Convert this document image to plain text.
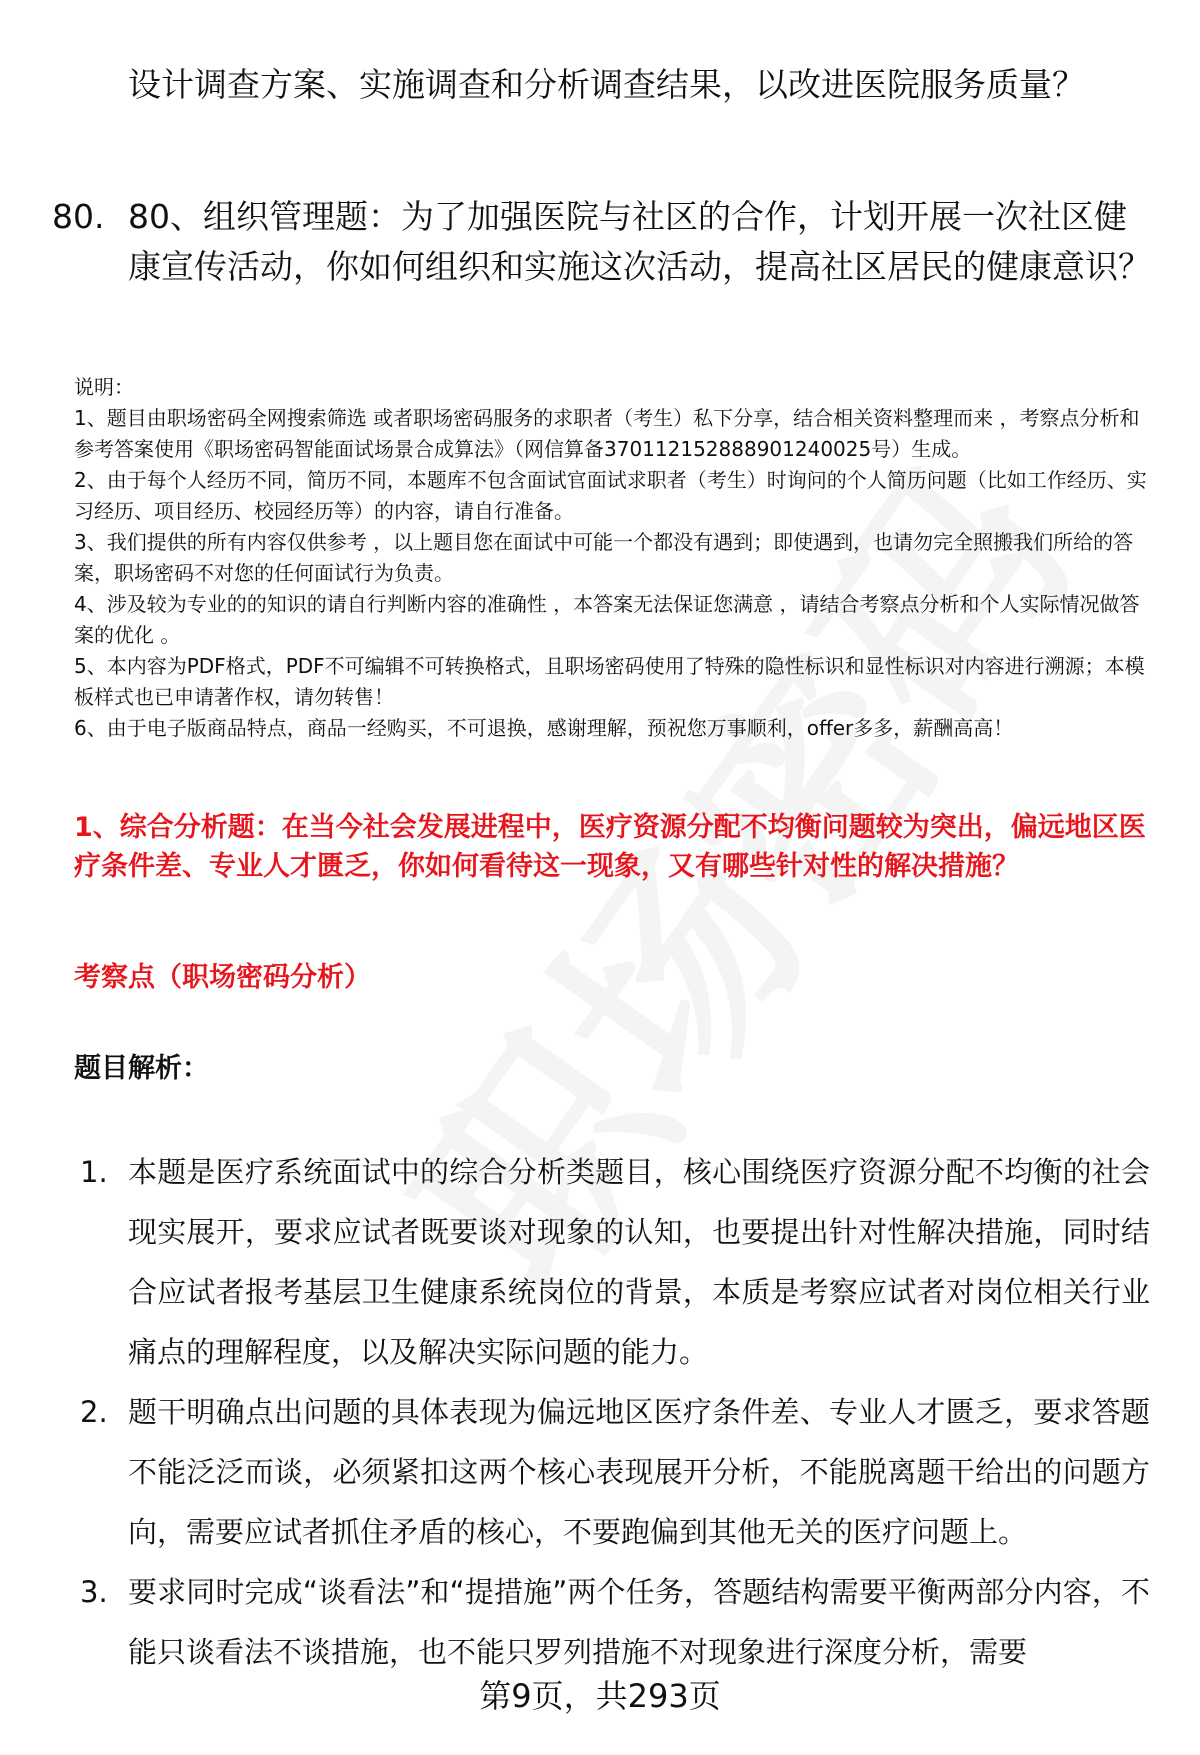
设计调查方案、实施调查和分析调查结果，以改进医院服务质量？
80. 80、组织管理题：为了加强医院与社区的合作，计划开展一次社区健康宣传活动，你如何组织和实施这次活动，提高社区居民的健康意识？

说明：

1、题目由职场密码全网搜索筛选 或者职场密码服务的求职者（考生）私下分享，结合相关资料整理而来 ，考察点分析和参考答案使用《职场密码智能面试场景合成算法》（网信算备370112152888901240025号）生成。

2、由于每个人经历不同，简历不同，本题库不包含面试官面试求职者（考生）时询问的个人简历问题（比如工作经历、实习经历、项目经历、校园经历等）的内容，请自行准备。

3、我们提供的所有内容仅供参考 ，以上题目您在面试中可能一个都没有遇到；即使遇到，也请勿完全照搬我们所给的答案，职场密码不对您的任何面试行为负责。

4、涉及较为专业的的知识的请自行判断内容的准确性 ，本答案无法保证您满意 ，请结合考察点分析和个人实际情况做答案的优化 。

5、本内容为PDF格式，PDF不可编辑不可转换格式，且职场密码使用了特殊的隐性标识和显性标识对内容进行溯源；本模板样式也已申请著作权，请勿转售！

6、由于电子版商品特点，商品一经购买，不可退换，感谢理解，预祝您万事顺利，offer多多，薪酬高高！

1、综合分析题：在当今社会发展进程中，医疗资源分配不均衡问题较为突出，偏远地区医疗条件差、专业人才匮乏，你如何看待这一现象，又有哪些针对性的解决措施？
考察点（职场密码分析）
题目解析：
1. 本题是医疗系统面试中的综合分析类题目，核心围绕医疗资源分配不均衡的社会现实展开，要求应试者既要谈对现象的认知，也要提出针对性解决措施，同时结合应试者报考基层卫生健康系统岗位的背景，本质是考察应试者对岗位相关行业痛点的理解程度，以及解决实际问题的能力。
2. 题干明确点出问题的具体表现为偏远地区医疗条件差、专业人才匮乏，要求答题不能泛泛而谈，必须紧扣这两个核心表现展开分析，不能脱离题干给出的问题方向，需要应试者抓住矛盾的核心，不要跑偏到其他无关的医疗问题上。
3. 要求同时完成“谈看法”和“提措施”两个任务，答题结构需要平衡两部分内容，不能只谈看法不谈措施，也不能只罗列措施不对现象进行深度分析，需要
第9页，共293页
